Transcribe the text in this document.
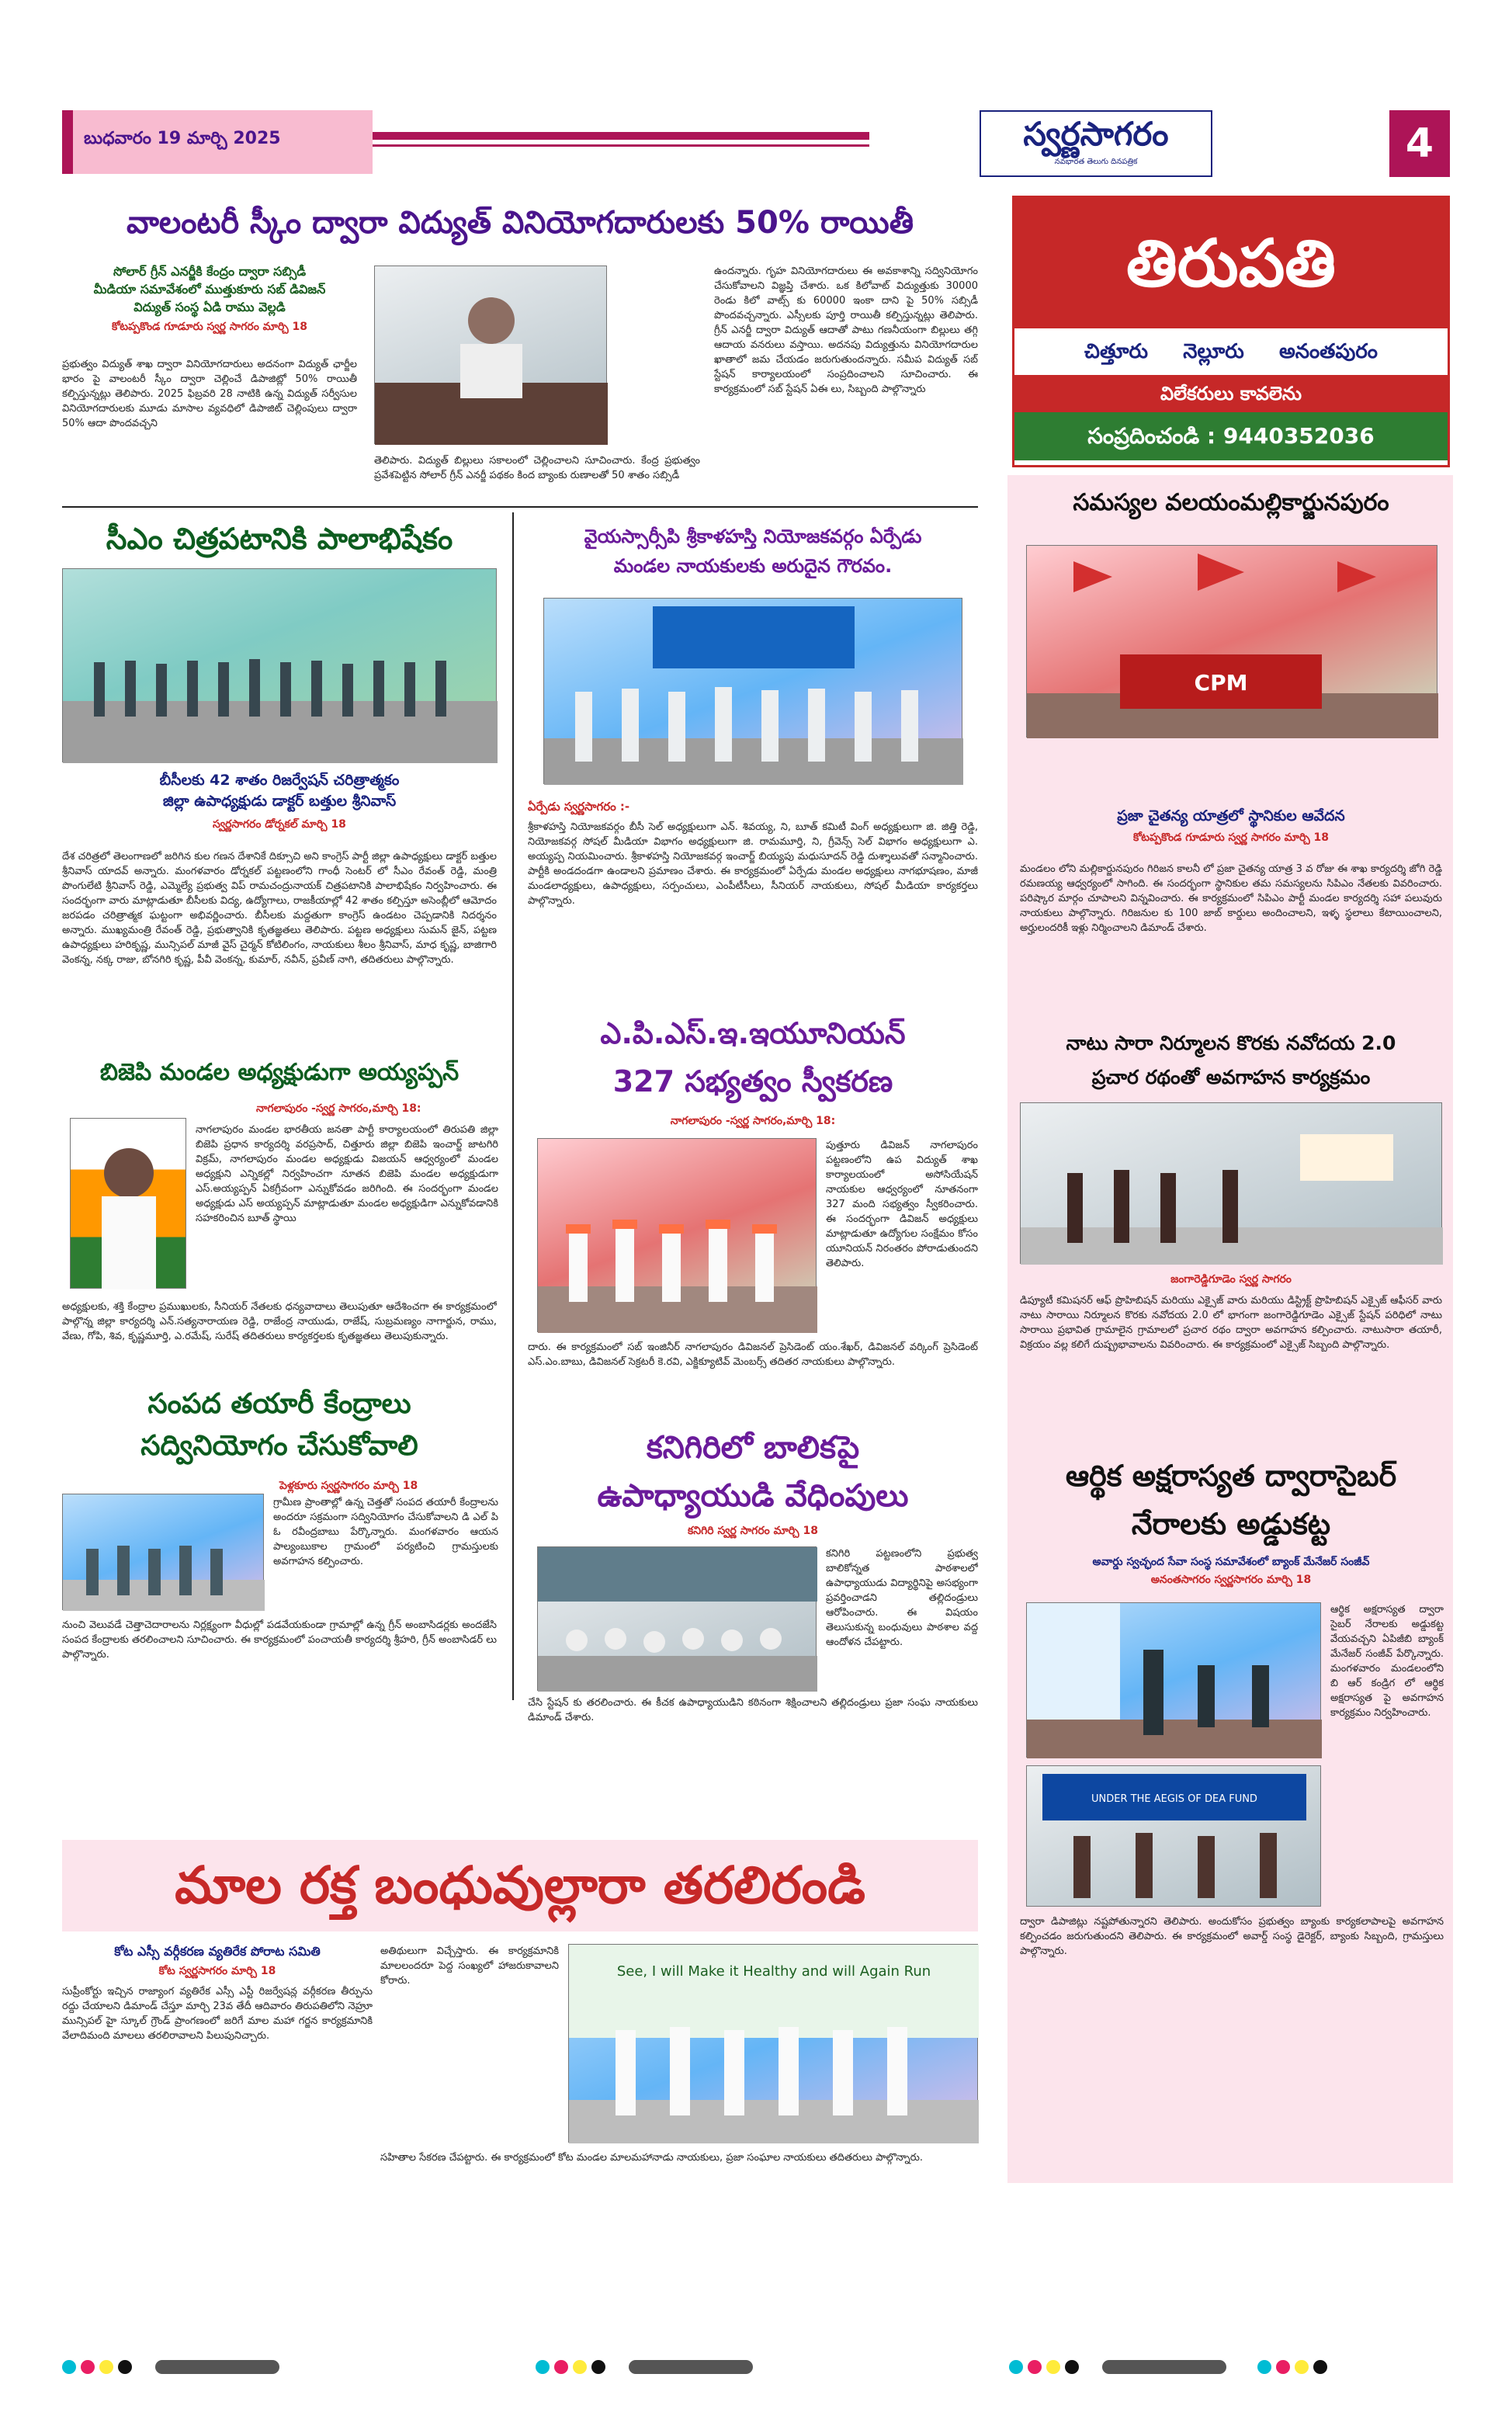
బుధవారం 19 మార్చి 2025	స్వర్ణసాగరం
నవభారత తెలుగు దినపత్రిక	4
వాలంటరీ స్కీం ద్వారా విద్యుత్ వినియోగదారులకు 50% రాయితీ
సోలార్ గ్రీన్ ఎనర్జీకి కేంద్రం ద్వారా సబ్సిడీ
మీడియా సమావేశంలో ముత్తుకూరు సబ్ డివిజన్
విద్యుత్ సంస్థ ఏడి రాము వెల్లడి
కోటప్పకొండ గూడూరు స్వర్ణ సాగరం మార్చి 18
ప్రభుత్వం విద్యుత్ శాఖ ద్వారా వినియోగదారులు అదనంగా విద్యుత్ ఛార్జీల భారం పై వాలంటరీ స్కీం ద్వారా చెల్లించే డిపాజిట్లో 50% రాయితీ కల్పిస్తున్నట్లు తెలిపారు. 2025 ఫిబ్రవరి 28 నాటికి ఉన్న విద్యుత్ సర్వీసుల వినియోగదారులకు మూడు మాసాల వ్యవధిలో డిపాజిట్ చెల్లింపులు ద్వారా 50% ఆదా పొందవచ్చని
తెలిపారు. విద్యుత్ బిల్లులు సకాలంలో చెల్లించాలని సూచించారు. కేంద్ర ప్రభుత్వం ప్రవేశపెట్టిన సోలార్ గ్రీన్ ఎనర్జీ పథకం కింద బ్యాంకు రుణాలతో 50 శాతం సబ్సిడీ
ఉందన్నారు. గృహ వినియోగదారులు ఈ అవకాశాన్ని సద్వినియోగం చేసుకోవాలని విజ్ఞప్తి చేశారు. ఒక కిలోవాట్ విద్యుత్తుకు 30000 రెండు కిలో వాట్స్ కు 60000 ఇంకా దాని పై 50% సబ్సిడీ పొందవచ్చన్నారు. ఎస్సీలకు పూర్తి రాయితీ కల్పిస్తున్నట్లు తెలిపారు. గ్రీన్ ఎనర్జీ ద్వారా విద్యుత్ ఆదాతో పాటు గణనీయంగా బిల్లులు తగ్గి ఆదాయ వనరులు వస్తాయి. అదనపు విద్యుత్తును వినియోగదారుల ఖాతాలో జమ చేయడం జరుగుతుందన్నారు. సమీప విద్యుత్ సబ్ స్టేషన్ కార్యాలయంలో సంప్రదించాలని సూచించారు. ఈ కార్యక్రమంలో సబ్ స్టేషన్ ఏఈ లు, సిబ్బంది పాల్గొన్నారు
తిరుపతి
చిత్తూరు     నెల్లూరు     అనంతపురం
విలేకరులు కావలెను
సంప్రదించండి : 9440352036
సీఎం చిత్రపటానికి పాలాభిషేకం
బీసీలకు 42 శాతం రిజర్వేషన్ చరిత్రాత్మకం
జిల్లా ఉపాధ్యక్షుడు డాక్టర్ బత్తుల శ్రీనివాస్
స్వర్ణసాగరం డోర్నకల్ మార్చి 18
దేశ చరిత్రలో తెలంగాణలో జరిగిన కుల గణన దేశానికే దిక్సూచి అని కాంగ్రెస్ పార్టీ జిల్లా ఉపాధ్యక్షులు డాక్టర్ బత్తుల శ్రీనివాస్ యాదవ్ అన్నారు. మంగళవారం డోర్నకల్ పట్టణంలోని గాంధీ సెంటర్ లో సీఎం రేవంత్ రెడ్డి, మంత్రి పొంగులేటి శ్రీనివాస్ రెడ్డి, ఎమ్మెల్యే ప్రభుత్వ విప్ రామచంద్రునాయక్ చిత్రపటానికి పాలాభిషేకం నిర్వహించారు. ఈ సందర్భంగా వారు మాట్లాడుతూ బీసీలకు విద్య, ఉద్యోగాలు, రాజకీయాల్లో 42 శాతం కల్పిస్తూ అసెంబ్లీలో ఆమోదం జరపడం చరిత్రాత్మక ఘట్టంగా అభివర్ణించారు. బీసీలకు మద్దతుగా కాంగ్రెస్ ఉండటం చెప్పడానికి నిదర్శనం అన్నారు. ముఖ్యమంత్రి రేవంత్ రెడ్డి, ప్రభుత్వానికి కృతజ్ఞతలు తెలిపారు. పట్టణ అధ్యక్షులు సుమన్ జైన్, పట్టణ ఉపాధ్యక్షులు హరికృష్ణ, మున్సిపల్ మాజీ వైస్ చైర్మన్ కోటిలింగం, నాయకులు శీలం శ్రీనివాస్, మాధ కృష్ణ, బాజిగారి వెంకన్న, నక్క రాజు, బోనగిరి కృష్ణ, పీవీ వెంకన్న, కుమార్, నవీన్, ప్రవీణ్ నాగి, తదితరులు పాల్గొన్నారు.
బిజెపి మండల అధ్యక్షుడుగా అయ్యప్పన్
నాగలాపురం -స్వర్ణ సాగరం,మార్చి 18:
నాగలాపురం మండల భారతీయ జనతా పార్టీ కార్యాలయంలో తిరుపతి జిల్లా బిజెపి ప్రధాన కార్యదర్శి వరప్రసాద్, చిత్తూరు జిల్లా బిజెపి ఇంచార్జ్ జాటగిరి విక్రమ్, నాగలాపురం మండల అధ్యక్షుడు విజయన్ ఆధ్వర్యంలో మండల అధ్యక్షుని ఎన్నికల్లో నిర్వహించగా నూతన బిజెపి మండల అధ్యక్షుడుగా ఎస్.అయ్యప్పన్ ఏకగ్రీవంగా ఎన్నుకోవడం జరిగింది. ఈ సందర్భంగా మండల అధ్యక్షుడు ఎస్ అయ్యప్పన్ మాట్లాడుతూ మండల అధ్యక్షుడిగా ఎన్నుకోవడానికి సహకరించిన బూత్ స్థాయి
అధ్యక్షులకు, శక్తి కేంద్రాల ప్రముఖులకు, సీనియర్ నేతలకు ధన్యవాదాలు తెలుపుతూ ఆదేశించగా ఈ కార్యక్రమంలో పాల్గొన్న జిల్లా కార్యదర్శి ఎన్.సత్యనారాయణ రెడ్డి, రాజేంద్ర నాయుడు, రాజేష్, సుబ్రమణ్యం నాగార్జున, రాము, వేణు, గోపి, శివ, కృష్ణమూర్తి, ఎ.రమేష్, సురేష్ తదితరులు కార్యకర్తలకు కృతజ్ఞతలు తెలుపుకున్నారు.
సంపద తయారీ కేంద్రాలు
సద్వినియోగం చేసుకోవాలి
పెళ్లకూరు స్వర్ణసాగరం మార్చి 18
గ్రామీణ ప్రాంతాల్లో ఉన్న చెత్తతో సంపద తయారీ కేంద్రాలను అందరూ సక్రమంగా సద్వినియోగం చేసుకోవాలని డి ఎల్ పి ఓ రవీంద్రబాబు పేర్కొన్నారు. మంగళవారం ఆయన పాల్యంబుకాల గ్రామంలో పర్యటించి గ్రామస్తులకు అవగాహన కల్పించారు.
నుంచి వెలువడే చెత్తాచెదారాలను నిర్లక్ష్యంగా వీధుల్లో పడవేయకుండా గ్రామాల్లో ఉన్న గ్రీన్ అంబాసిడర్లకు అందజేసి సంపద కేంద్రాలకు తరలించాలని సూచించారు. ఈ కార్యక్రమంలో పంచాయతీ కార్యదర్శి శ్రీహరి, గ్రీన్ అంబాసిడర్ లు పాల్గొన్నారు.
వైయస్సార్సీపి శ్రీకాళహస్తి నియోజకవర్గం ఏర్పేడు
మండల నాయకులకు అరుదైన గౌరవం.
ఏర్పేడు స్వర్ణసాగరం :-
శ్రీకాళహస్తి నియోజకవర్గం బీసీ సెల్ అధ్యక్షులుగా ఎన్. శివయ్య, ని, బూత్ కమిటీ వింగ్ అధ్యక్షులుగా జి. జిత్తి రెడ్డి, నియోజకవర్గ సోషల్ మీడియా విభాగం అధ్యక్షులుగా జి. రామమూర్తి, ని, గ్రీవెన్స్ సెల్ విభాగం అధ్యక్షులుగా ఎ. అయ్యప్ప నియమించారు. శ్రీకాళహస్తి నియోజకవర్గ ఇంచార్జ్ బియ్యపు మధుసూదన్ రెడ్డి దుశ్శాలువతో సన్మానించారు. పార్టీకి అండదండగా ఉండాలని ప్రమాణం చేశారు. ఈ కార్యక్రమంలో ఏర్పేడు మండల అధ్యక్షులు నాగభూషణం, మాజీ మండలాధ్యక్షులు, ఉపాధ్యక్షులు, సర్పంచులు, ఎంపీటీసీలు, సీనియర్ నాయకులు, సోషల్ మీడియా కార్యకర్తలు పాల్గొన్నారు.
ఎ.పి.ఎస్.ఇ.ఇయూనియన్
327 సభ్యత్వం స్వీకరణ
నాగలాపురం -స్వర్ణ సాగరం,మార్చి 18:
పుత్తూరు డివిజన్ నాగలాపురం పట్టణంలోని ఉప విద్యుత్ శాఖ కార్యాలయంలో అసోసియేషన్ నాయకుల ఆధ్వర్యంలో నూతనంగా 327 మంది సభ్యత్వం స్వీకరించారు. ఈ సందర్భంగా డివిజన్ అధ్యక్షులు మాట్లాడుతూ ఉద్యోగుల సంక్షేమం కోసం యూనియన్ నిరంతరం పోరాడుతుందని తెలిపారు.
దారు. ఈ కార్యక్రమంలో సబ్ ఇంజినీర్ నాగలాపురం డివిజనల్ ప్రెసిడెంట్ యం.శేఖర్, డివిజనల్ వర్కింగ్ ప్రెసిడెంట్ ఎస్.ఎం.బాబు, డివిజనల్ సెక్రటరీ కె.రవి, ఎక్జిక్యూటివ్ మెంబర్స్ తదితర నాయకులు పాల్గొన్నారు.
కనిగిరిలో బాలికపై
ఉపాధ్యాయుడి వేధింపులు
కనిగిరి స్వర్ణ సాగరం మార్చి 18
కనిగిరి పట్టణంలోని ప్రభుత్వ బాలికోన్నత పాఠశాలలో ఉపాధ్యాయుడు విద్యార్థినిపై అసభ్యంగా ప్రవర్తించాడని తల్లిదండ్రులు ఆరోపించారు. ఈ విషయం తెలుసుకున్న బంధువులు పాఠశాల వద్ద ఆందోళన చేపట్టారు.
చేసి స్టేషన్ కు తరలించారు. ఈ కీచక ఉపాధ్యాయుడిని కఠినంగా శిక్షించాలని తల్లిదండ్రులు ప్రజా సంఘ నాయకులు డిమాండ్ చేశారు.
సమస్యల వలయంమల్లికార్జునపురం
CPM
ప్రజా చైతన్య యాత్రలో స్థానికుల ఆవేదన
కోటప్పకొండ గూడూరు స్వర్ణ సాగరం మార్చి 18
మండలం లోని మల్లికార్జునపురం గిరిజన కాలనీ లో ప్రజా చైతన్య యాత్ర 3 వ రోజు ఈ శాఖ కార్యదర్శి జోగి రెడ్డి రమణయ్య ఆధ్వర్యంలో సాగింది. ఈ సందర్భంగా స్థానికుల తమ సమస్యలను సిపిఎం నేతలకు వివరించారు. పరిష్కార మార్గం చూపాలని విన్నవించారు. ఈ కార్యక్రమంలో సిపిఎం పార్టీ మండల కార్యదర్శి సహా పలువురు నాయకులు పాల్గొన్నారు. గిరిజనుల కు 100 జాబ్ కార్డులు అందించాలని, ఇళ్ళ స్థలాలు కేటాయించాలని, అర్హులందరికీ ఇళ్లు నిర్మించాలని డిమాండ్ చేశారు.
నాటు సారా నిర్మూలన కొరకు నవోదయ 2.0
ప్రచార రథంతో అవగాహన కార్యక్రమం
జంగారెడ్డిగూడెం స్వర్ణ సాగరం
డిప్యూటీ కమిషనర్ ఆఫ్ ప్రొహిబిషన్ మరియు ఎక్సైజ్ వారు మరియు డిస్ట్రిక్ట్ ప్రొహిబిషన్ ఎక్సైజ్ ఆఫీసర్ వారు నాటు సారాయి నిర్మూలన కొరకు నవోదయ 2.0 లో భాగంగా జంగారెడ్డిగూడెం ఎక్సైజ్ స్టేషన్ పరిధిలో నాటు సారాయి ప్రభావిత గ్రామాలైన గ్రామాలలో ప్రచార రథం ద్వారా అవగాహన కల్పించారు. నాటుసారా తయారీ, విక్రయం వల్ల కలిగే దుష్ప్రభావాలను వివరించారు. ఈ కార్యక్రమంలో ఎక్సైజ్ సిబ్బంది పాల్గొన్నారు.
ఆర్థిక అక్షరాస్యత ద్వారాసైబర్
నేరాలకు అడ్డుకట్ట
అవార్డు స్వచ్ఛంద సేవా సంస్థ సమావేశంలో బ్యాంక్ మేనేజర్ సంజీవ్
అనంతసాగరం స్వర్ణసాగరం మార్చి 18
UNDER THE AEGIS OF DEA FUND
ఆర్థిక అక్షరాస్యత ద్వారా సైబర్ నేరాలకు అడ్డుకట్ట వేయవచ్చని ఏపిజీబి బ్యాంక్ మేనేజర్ సంజీవ్ పేర్కొన్నారు. మంగళవారం మండలంలోని బి ఆర్ కండ్రిగ లో ఆర్థిక అక్షరాస్యత పై అవగాహన కార్యక్రమం నిర్వహించారు.
ద్వారా డిపాజిట్లు నష్టపోతున్నారని తెలిపారు. అందుకోసం ప్రభుత్వం బ్యాంకు కార్యకలాపాలపై అవగాహన కల్పించడం జరుగుతుందని తెలిపారు. ఈ కార్యక్రమంలో అవార్డ్ సంస్థ డైరెక్టర్, బ్యాంకు సిబ్బంది, గ్రామస్తులు పాల్గొన్నారు.
మాల రక్త బంధువుల్లారా తరలిరండి
కోట ఎస్సీ వర్గీకరణ వ్యతిరేక పోరాట సమితి
కోట స్వర్ణసాగరం మార్చి 18
సుప్రీంకోర్టు ఇచ్చిన రాజ్యాంగ వ్యతిరేక ఎస్సీ ఎస్టీ రిజర్వేషన్ల వర్గీకరణ తీర్పును రద్దు చేయాలని డిమాండ్ చేస్తూ మార్చి 23వ తేదీ ఆదివారం తిరుపతిలోని నెహ్రూ మున్సిపల్ హై స్కూల్ గ్రౌండ్ ప్రాంగణంలో జరిగే మాల మహా గర్జన కార్యక్రమానికి వేలాదిమంది మాలలు తరలిరావాలని పిలుపునిచ్చారు.
అతిథులుగా విచ్చేస్తారు. ఈ కార్యక్రమానికి మాలలందరూ పెద్ద సంఖ్యలో హాజరుకావాలని కోరారు.
See, I will Make it Healthy and will Again Run
సహితాల సేకరణ చేపట్టారు. ఈ కార్యక్రమంలో కోట మండల మాలమహానాడు నాయకులు, ప్రజా సంఘాల నాయకులు తదితరులు పాల్గొన్నారు.
